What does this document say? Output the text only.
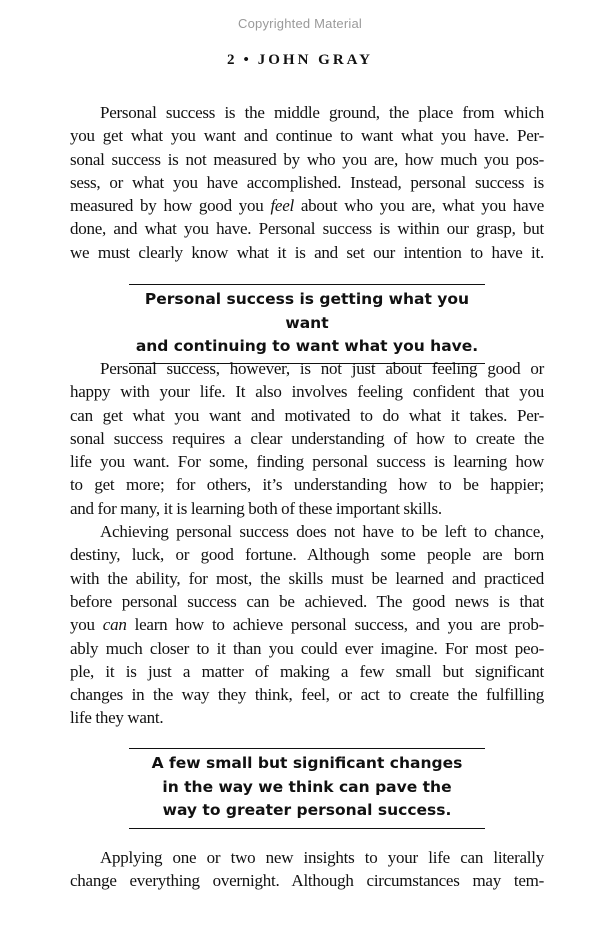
Copyrighted Material
2 • JOHN GRAY

Personal success is the middle ground, the place from which
you get what you want and continue to want what you have. Per-
sonal success is not measured by who you are, how much you pos-
sess, or what you have accomplished. Instead, personal success is
measured by how good you feel about who you are, what you have
done, and what you have. Personal success is within our grasp, but
we must clearly know what it is and set our intention to have it.

Personal success is getting what you want
and continuing to want what you have.

Personal success, however, is not just about feeling good or
happy with your life. It also involves feeling confident that you
can get what you want and motivated to do what it takes. Per-
sonal success requires a clear understanding of how to create the
life you want. For some, finding personal success is learning how
to get more; for others, it’s understanding how to be happier;
and for many, it is learning both of these important skills.

Achieving personal success does not have to be left to chance,
destiny, luck, or good fortune. Although some people are born
with the ability, for most, the skills must be learned and practiced
before personal success can be achieved. The good news is that
you can learn how to achieve personal success, and you are prob-
ably much closer to it than you could ever imagine. For most peo-
ple, it is just a matter of making a few small but significant
changes in the way they think, feel, or act to create the fulfilling
life they want.

A few small but significant changes
in the way we think can pave the
way to greater personal success.

Applying one or two new insights to your life can literally
change everything overnight. Although circumstances may tem-
